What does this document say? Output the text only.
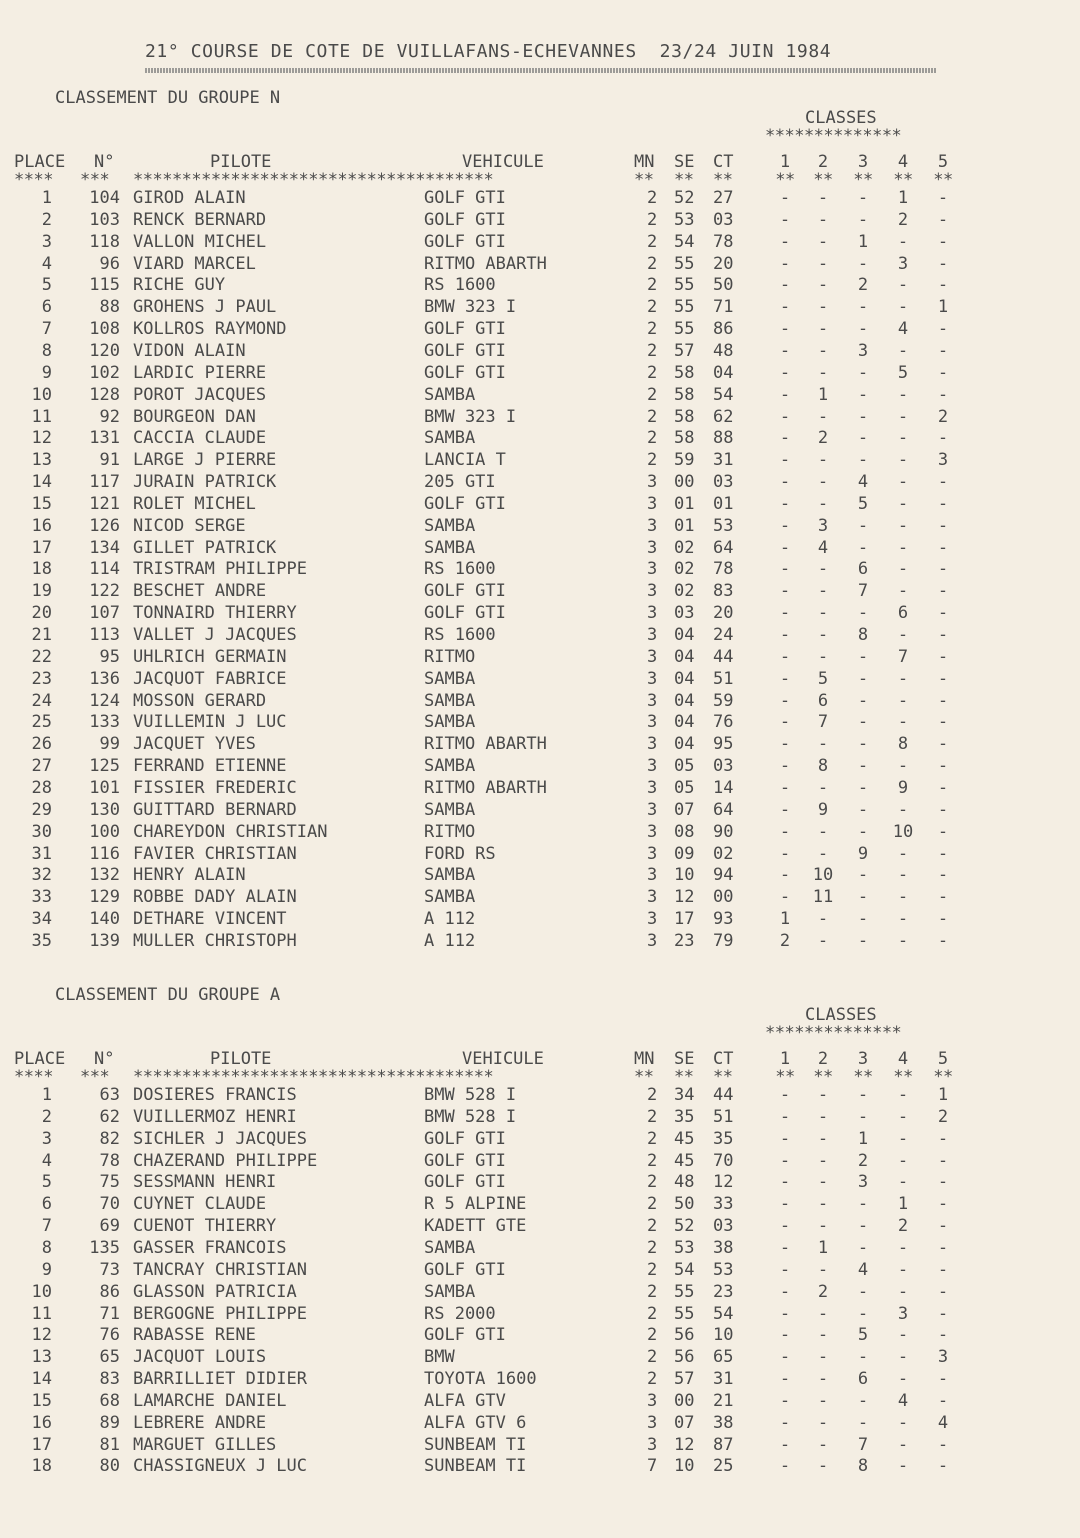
21° COURSE DE COTE DE VUILLAFANS-ECHEVANNES  23/24 JUIN 1984
CLASSEMENT DU GROUPE N
CLASSES
**************
PLACE N°	PILOTE	VEHICULE	MN SE CT	1	2	3	4	5
**** *** *************************************	** ** **	**	**	**	**	**
1	104 GIROD ALAIN	GOLF GTI	2 52 27	-	-	-	1	-
2	103 RENCK BERNARD	GOLF GTI	2 53 03	-	-	-	2	-
3	118 VALLON MICHEL	GOLF GTI	2 54 78	-	-	1	-	-
4	96 VIARD MARCEL	RITMO ABARTH	2 55 20	-	-	-	3	-
5	115 RICHE GUY	RS 1600	2 55 50	-	-	2	-	-
6	88 GROHENS J PAUL	BMW 323 I	2 55 71	-	-	-	-	1
7	108 KOLLROS RAYMOND	GOLF GTI	2 55 86	-	-	-	4	-
8	120 VIDON ALAIN	GOLF GTI	2 57 48	-	-	3	-	-
9	102 LARDIC PIERRE	GOLF GTI	2 58 04	-	-	-	5	-
10	128 POROT JACQUES	SAMBA	2 58 54	-	1	-	-	-
11	92 BOURGEON DAN	BMW 323 I	2 58 62	-	-	-	-	2
12	131 CACCIA CLAUDE	SAMBA	2 58 88	-	2	-	-	-
13	91 LARGE J PIERRE	LANCIA T	2 59 31	-	-	-	-	3
14	117 JURAIN PATRICK	205 GTI	3 00 03	-	-	4	-	-
15	121 ROLET MICHEL	GOLF GTI	3 01 01	-	-	5	-	-
16	126 NICOD SERGE	SAMBA	3 01 53	-	3	-	-	-
17	134 GILLET PATRICK	SAMBA	3 02 64	-	4	-	-	-
18	114 TRISTRAM PHILIPPE	RS 1600	3 02 78	-	-	6	-	-
19	122 BESCHET ANDRE	GOLF GTI	3 02 83	-	-	7	-	-
20	107 TONNAIRD THIERRY	GOLF GTI	3 03 20	-	-	-	6	-
21	113 VALLET J JACQUES	RS 1600	3 04 24	-	-	8	-	-
22	95 UHLRICH GERMAIN	RITMO	3 04 44	-	-	-	7	-
23	136 JACQUOT FABRICE	SAMBA	3 04 51	-	5	-	-	-
24	124 MOSSON GERARD	SAMBA	3 04 59	-	6	-	-	-
25	133 VUILLEMIN J LUC	SAMBA	3 04 76	-	7	-	-	-
26	99 JACQUET YVES	RITMO ABARTH	3 04 95	-	-	-	8	-
27	125 FERRAND ETIENNE	SAMBA	3 05 03	-	8	-	-	-
28	101 FISSIER FREDERIC	RITMO ABARTH	3 05 14	-	-	-	9	-
29	130 GUITTARD BERNARD	SAMBA	3 07 64	-	9	-	-	-
30	100 CHAREYDON CHRISTIAN	RITMO	3 08 90	-	-	-	10	-
31	116 FAVIER CHRISTIAN	FORD RS	3 09 02	-	-	9	-	-
32	132 HENRY ALAIN	SAMBA	3 10 94	-	10	-	-	-
33	129 ROBBE DADY ALAIN	SAMBA	3 12 00	-	11	-	-	-
34	140 DETHARE VINCENT	A 112	3 17 93	1	-	-	-	-
35	139 MULLER CHRISTOPH	A 112	3 23 79	2	-	-	-	-
CLASSEMENT DU GROUPE A
CLASSES
**************
PLACE N°	PILOTE	VEHICULE	MN SE CT	1	2	3	4	5
**** *** *************************************	** ** **	**	**	**	**	**
1	63 DOSIERES FRANCIS	BMW 528 I	2 34 44	-	-	-	-	1
2	62 VUILLERMOZ HENRI	BMW 528 I	2 35 51	-	-	-	-	2
3	82 SICHLER J JACQUES	GOLF GTI	2 45 35	-	-	1	-	-
4	78 CHAZERAND PHILIPPE	GOLF GTI	2 45 70	-	-	2	-	-
5	75 SESSMANN HENRI	GOLF GTI	2 48 12	-	-	3	-	-
6	70 CUYNET CLAUDE	R 5 ALPINE	2 50 33	-	-	-	1	-
7	69 CUENOT THIERRY	KADETT GTE	2 52 03	-	-	-	2	-
8	135 GASSER FRANCOIS	SAMBA	2 53 38	-	1	-	-	-
9	73 TANCRAY CHRISTIAN	GOLF GTI	2 54 53	-	-	4	-	-
10	86 GLASSON PATRICIA	SAMBA	2 55 23	-	2	-	-	-
11	71 BERGOGNE PHILIPPE	RS 2000	2 55 54	-	-	-	3	-
12	76 RABASSE RENE	GOLF GTI	2 56 10	-	-	5	-	-
13	65 JACQUOT LOUIS	BMW	2 56 65	-	-	-	-	3
14	83 BARRILLIET DIDIER	TOYOTA 1600	2 57 31	-	-	6	-	-
15	68 LAMARCHE DANIEL	ALFA GTV	3 00 21	-	-	-	4	-
16	89 LEBRERE ANDRE	ALFA GTV 6	3 07 38	-	-	-	-	4
17	81 MARGUET GILLES	SUNBEAM TI	3 12 87	-	-	7	-	-
18	80 CHASSIGNEUX J LUC	SUNBEAM TI	7 10 25	-	-	8	-	-
